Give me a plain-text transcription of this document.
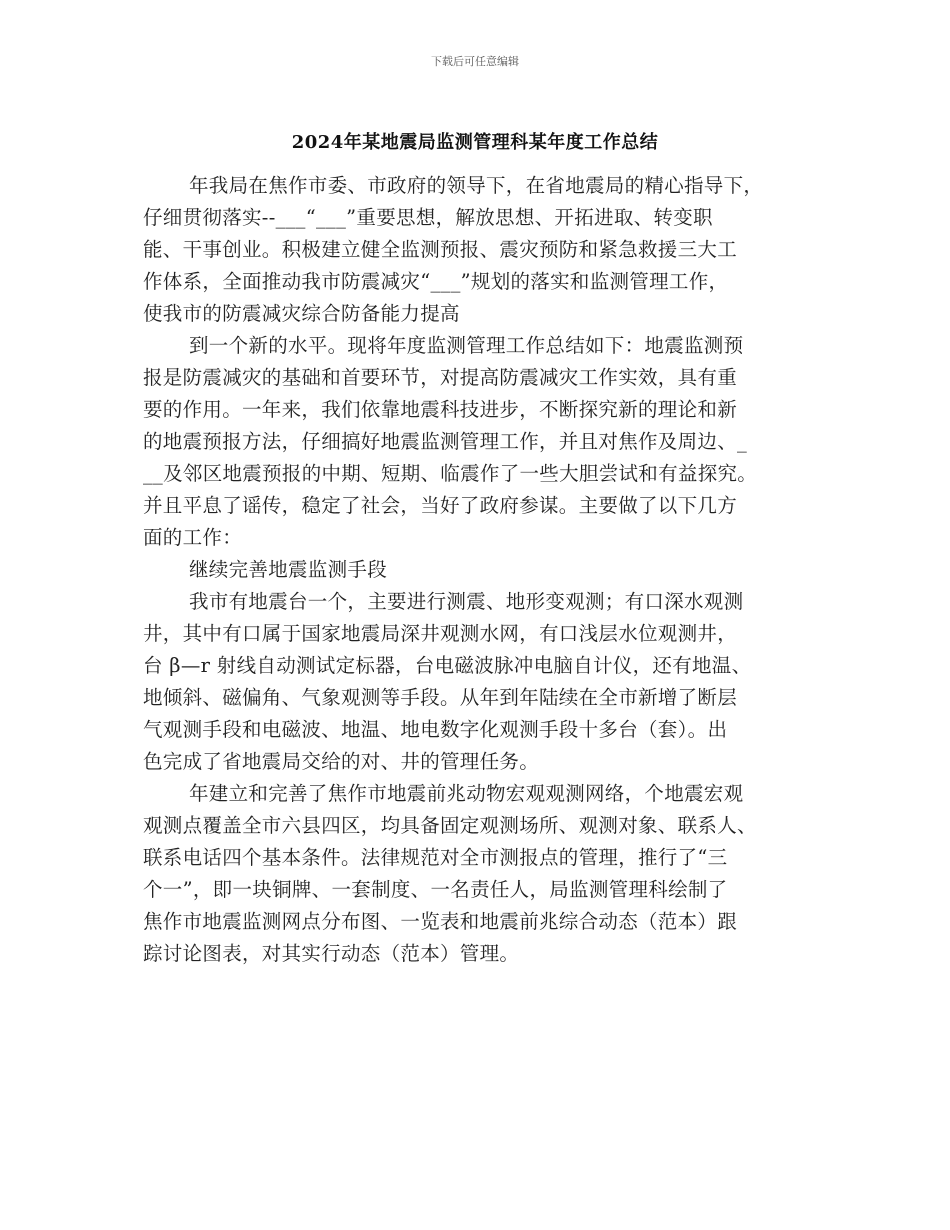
下载后可任意编辑
2024年某地震局监测管理科某年度工作总结
年我局在焦作市委、市政府的领导下，在省地震局的精心指导下，
仔细贯彻落实--___“___”重要思想，解放思想、开拓进取、转变职
能、干事创业。积极建立健全监测预报、震灾预防和紧急救援三大工
作体系，全面推动我市防震减灾“___”规划的落实和监测管理工作，
使我市的防震减灾综合防备能力提高
到一个新的水平。现将年度监测管理工作总结如下：地震监测预
报是防震减灾的基础和首要环节，对提高防震减灾工作实效，具有重
要的作用。一年来，我们依靠地震科技进步，不断探究新的理论和新
的地震预报方法，仔细搞好地震监测管理工作，并且对焦作及周边、_
__及邻区地震预报的中期、短期、临震作了一些大胆尝试和有益探究。
并且平息了谣传，稳定了社会，当好了政府参谋。主要做了以下几方
面的工作：
继续完善地震监测手段
我市有地震台一个，主要进行测震、地形变观测；有口深水观测
井，其中有口属于国家地震局深井观测水网，有口浅层水位观测井，
台 β—r 射线自动测试定标器，台电磁波脉冲电脑自计仪，还有地温、
地倾斜、磁偏角、气象观测等手段。从年到年陆续在全市新增了断层
气观测手段和电磁波、地温、地电数字化观测手段十多台（套）。出
色完成了省地震局交给的对、井的管理任务。
年建立和完善了焦作市地震前兆动物宏观观测网络，个地震宏观
观测点覆盖全市六县四区，均具备固定观测场所、观测对象、联系人、
联系电话四个基本条件。法律规范对全市测报点的管理，推行了“三
个一”，即一块铜牌、一套制度、一名责任人，局监测管理科绘制了
焦作市地震监测网点分布图、一览表和地震前兆综合动态（范本）跟
踪讨论图表，对其实行动态（范本）管理。
